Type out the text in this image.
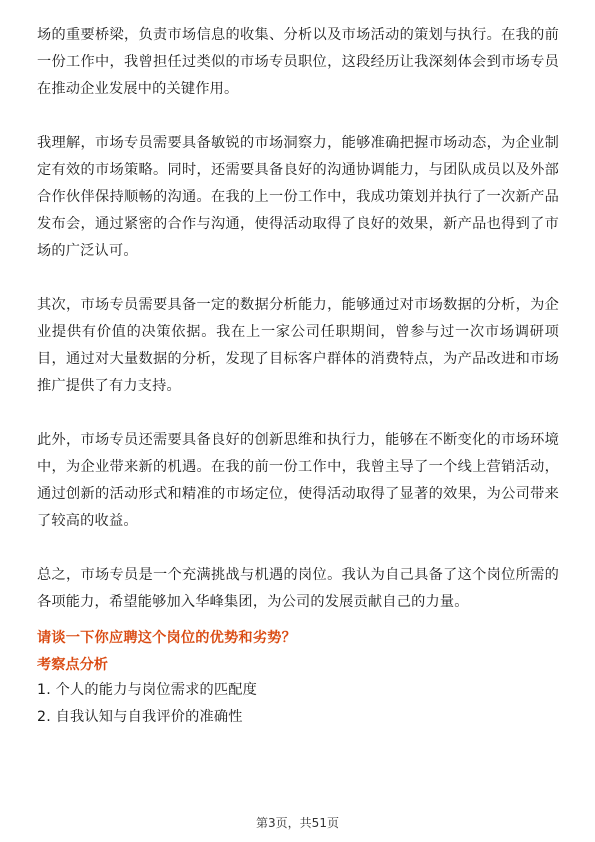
场的重要桥梁，负责市场信息的收集、分析以及市场活动的策划与执行。在我的前一份工作中，我曾担任过类似的市场专员职位，这段经历让我深刻体会到市场专员在推动企业发展中的关键作用。

我理解，市场专员需要具备敏锐的市场洞察力，能够准确把握市场动态，为企业制定有效的市场策略。同时，还需要具备良好的沟通协调能力，与团队成员以及外部合作伙伴保持顺畅的沟通。在我的上一份工作中，我成功策划并执行了一次新产品发布会，通过紧密的合作与沟通，使得活动取得了良好的效果，新产品也得到了市场的广泛认可。

其次，市场专员需要具备一定的数据分析能力，能够通过对市场数据的分析，为企业提供有价值的决策依据。我在上一家公司任职期间，曾参与过一次市场调研项目，通过对大量数据的分析，发现了目标客户群体的消费特点，为产品改进和市场推广提供了有力支持。

此外，市场专员还需要具备良好的创新思维和执行力，能够在不断变化的市场环境中，为企业带来新的机遇。在我的前一份工作中，我曾主导了一个线上营销活动，通过创新的活动形式和精准的市场定位，使得活动取得了显著的效果，为公司带来了较高的收益。

总之，市场专员是一个充满挑战与机遇的岗位。我认为自己具备了这个岗位所需的各项能力，希望能够加入华峰集团，为公司的发展贡献自己的力量。

请谈一下你应聘这个岗位的优势和劣势？
考察点分析
1. 个人的能力与岗位需求的匹配度
2. 自我认知与自我评价的准确性
第3页，共51页
